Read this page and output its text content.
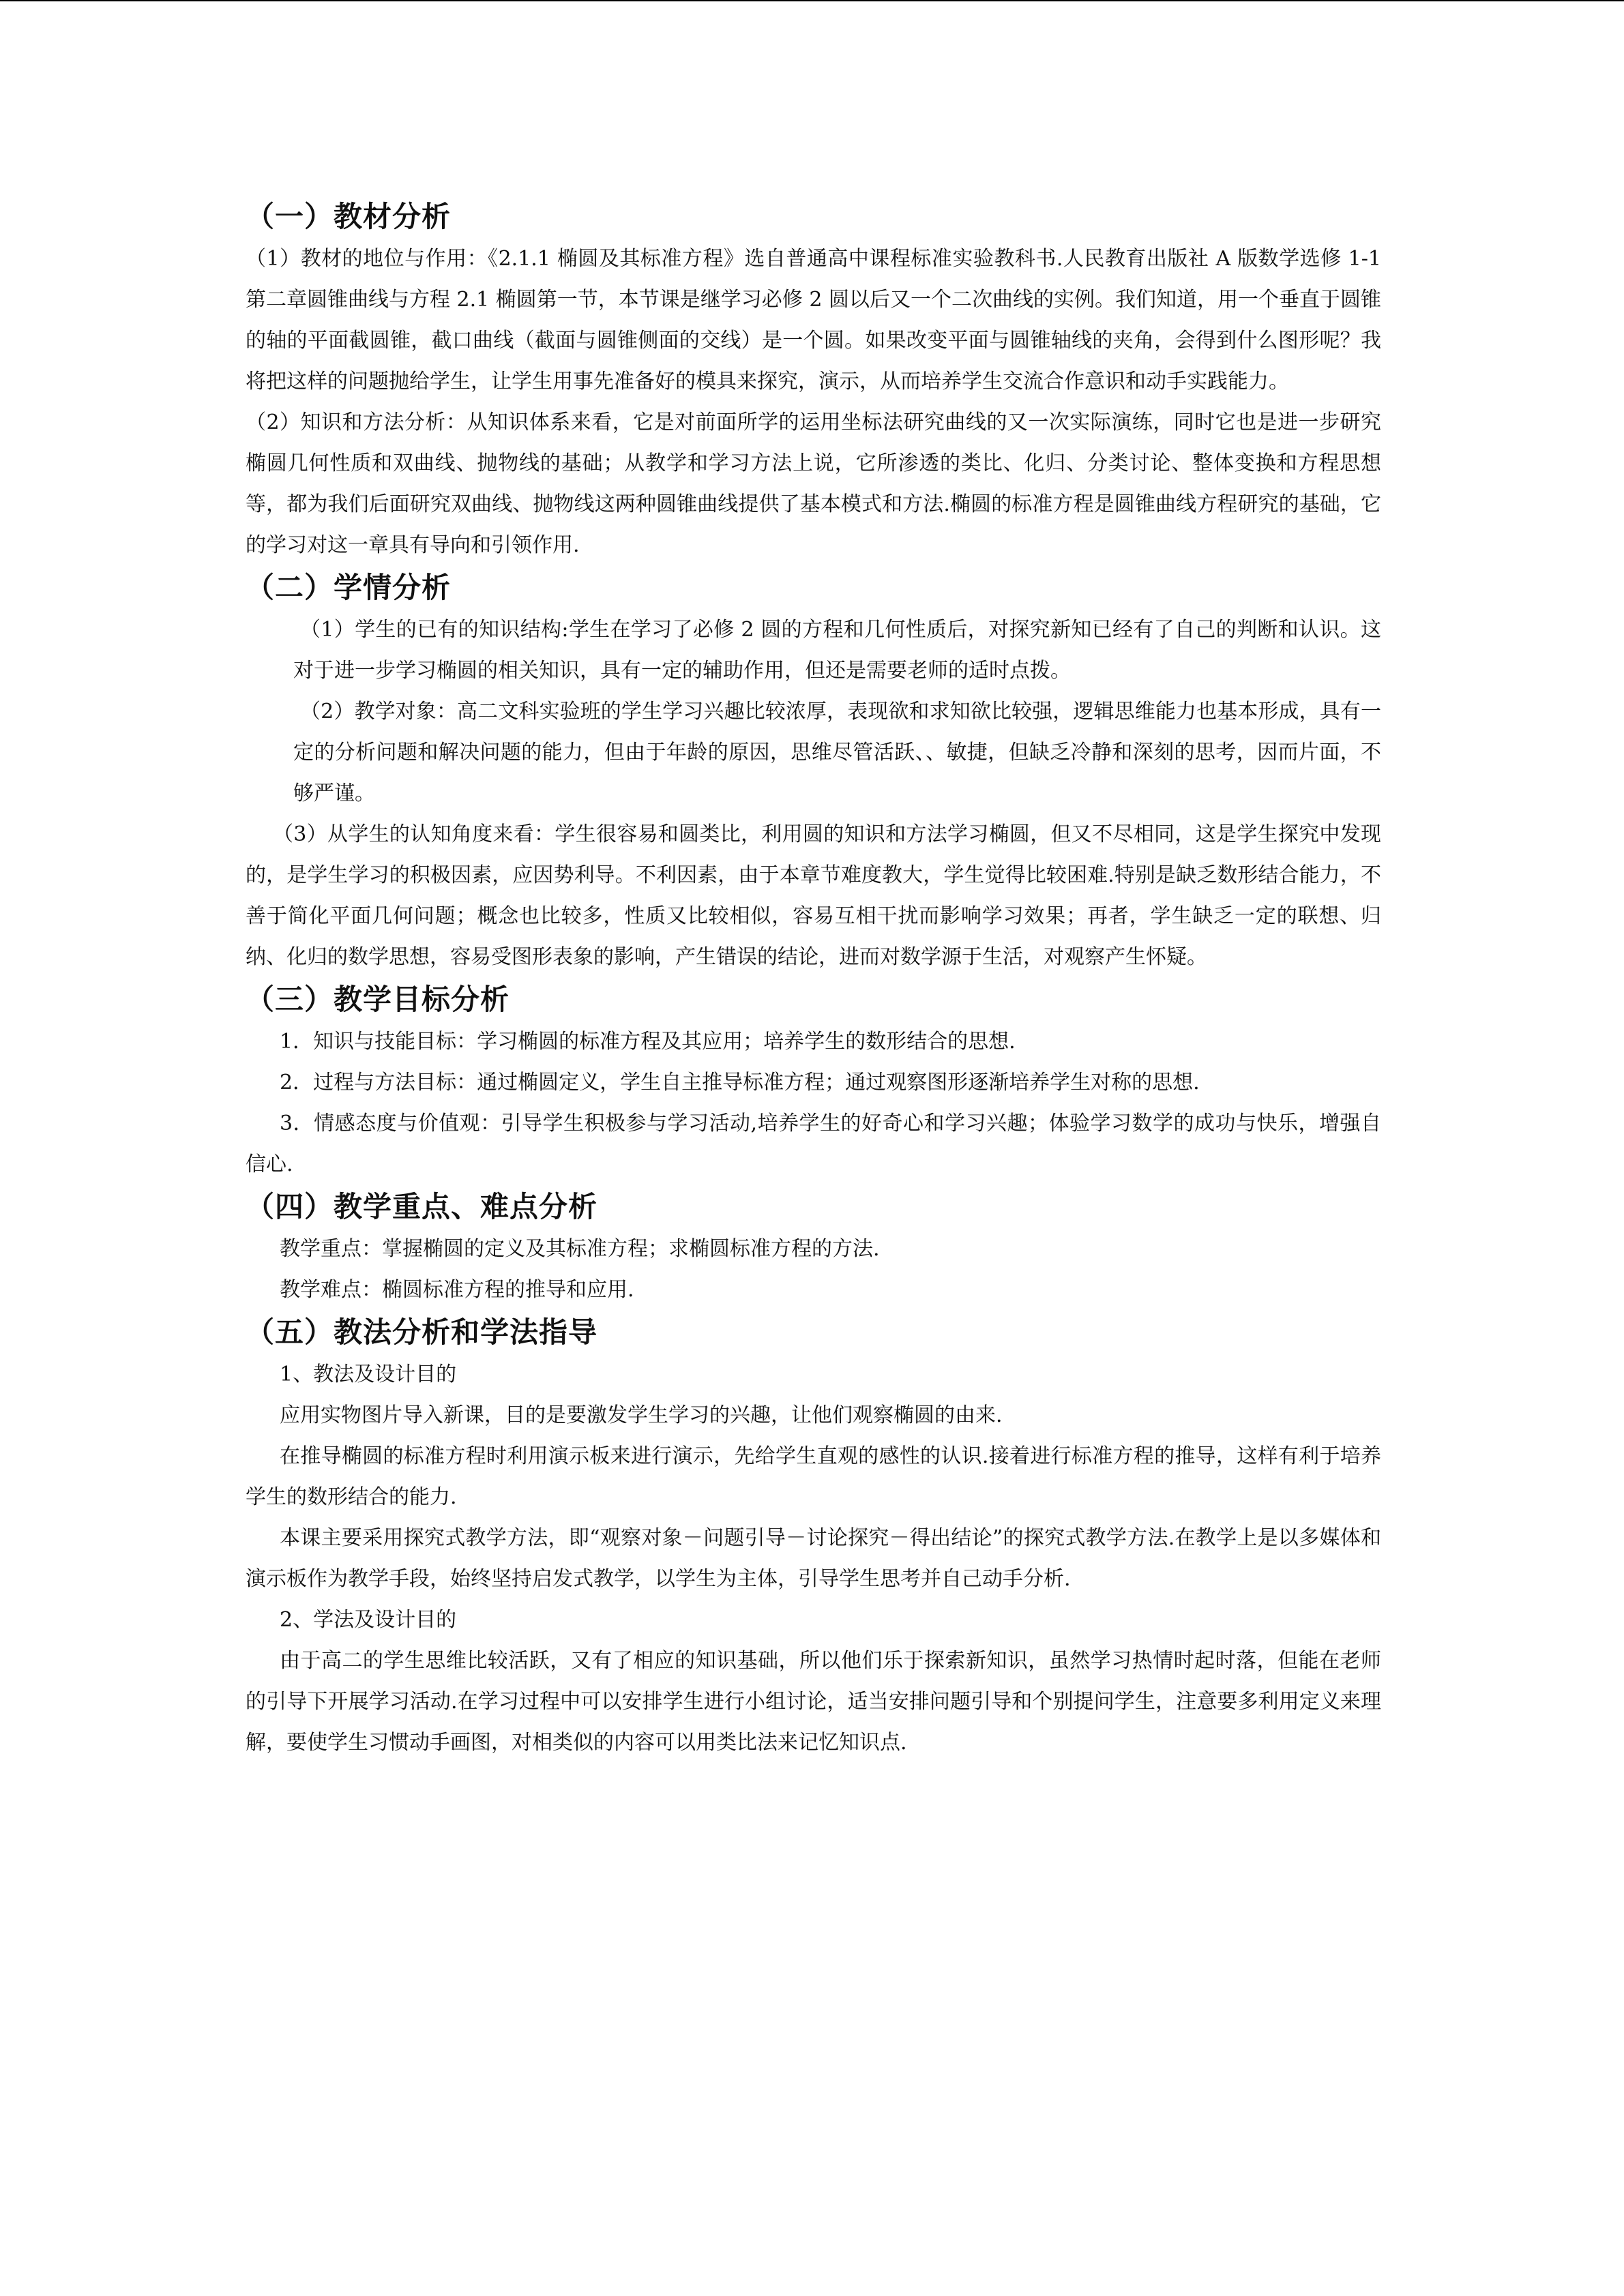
（一）教材分析

（1）教材的地位与作用：《2.1.1 椭圆及其标准方程》选自普通高中课程标准实验教科书.人民教育出版社 A 版数学选修 1-1 第二章圆锥曲线与方程 2.1 椭圆第一节，本节课是继学习必修 2 圆以后又一个二次曲线的实例。我们知道，用一个垂直于圆锥的轴的平面截圆锥，截口曲线（截面与圆锥侧面的交线）是一个圆。如果改变平面与圆锥轴线的夹角，会得到什么图形呢？我将把这样的问题抛给学生，让学生用事先准备好的模具来探究，演示，从而培养学生交流合作意识和动手实践能力。

（2）知识和方法分析：从知识体系来看，它是对前面所学的运用坐标法研究曲线的又一次实际演练，同时它也是进一步研究椭圆几何性质和双曲线、抛物线的基础；从教学和学习方法上说，它所渗透的类比、化归、分类讨论、整体变换和方程思想等，都为我们后面研究双曲线、抛物线这两种圆锥曲线提供了基本模式和方法.椭圆的标准方程是圆锥曲线方程研究的基础，它的学习对这一章具有导向和引领作用.

（二）学情分析

（1）学生的已有的知识结构:学生在学习了必修 2 圆的方程和几何性质后，对探究新知已经有了自己的判断和认识。这对于进一步学习椭圆的相关知识，具有一定的辅助作用，但还是需要老师的适时点拨。

（2）教学对象：高二文科实验班的学生学习兴趣比较浓厚，表现欲和求知欲比较强，逻辑思维能力也基本形成，具有一定的分析问题和解决问题的能力，但由于年龄的原因，思维尽管活跃、、敏捷，但缺乏冷静和深刻的思考，因而片面，不够严谨。

（3）从学生的认知角度来看：学生很容易和圆类比，利用圆的知识和方法学习椭圆，但又不尽相同，这是学生探究中发现的，是学生学习的积极因素，应因势利导。不利因素，由于本章节难度教大，学生觉得比较困难.特别是缺乏数形结合能力，不善于简化平面几何问题；概念也比较多，性质又比较相似，容易互相干扰而影响学习效果；再者，学生缺乏一定的联想、归纳、化归的数学思想，容易受图形表象的影响，产生错误的结论，进而对数学源于生活，对观察产生怀疑。

（三）教学目标分析

1．知识与技能目标：学习椭圆的标准方程及其应用；培养学生的数形结合的思想.

2．过程与方法目标：通过椭圆定义，学生自主推导标准方程；通过观察图形逐渐培养学生对称的思想.

3．情感态度与价值观：引导学生积极参与学习活动,培养学生的好奇心和学习兴趣；体验学习数学的成功与快乐，增强自信心.

（四）教学重点、难点分析

教学重点：掌握椭圆的定义及其标准方程；求椭圆标准方程的方法.

教学难点：椭圆标准方程的推导和应用.

（五）教法分析和学法指导

1、教法及设计目的

应用实物图片导入新课，目的是要激发学生学习的兴趣，让他们观察椭圆的由来.

在推导椭圆的标准方程时利用演示板来进行演示，先给学生直观的感性的认识.接着进行标准方程的推导，这样有利于培养学生的数形结合的能力.

本课主要采用探究式教学方法，即“观察对象－问题引导－讨论探究－得出结论”的探究式教学方法.在教学上是以多媒体和演示板作为教学手段，始终坚持启发式教学，以学生为主体，引导学生思考并自己动手分析.

2、学法及设计目的

由于高二的学生思维比较活跃，又有了相应的知识基础，所以他们乐于探索新知识，虽然学习热情时起时落，但能在老师的引导下开展学习活动.在学习过程中可以安排学生进行小组讨论，适当安排问题引导和个别提问学生，注意要多利用定义来理解，要使学生习惯动手画图，对相类似的内容可以用类比法来记忆知识点.
